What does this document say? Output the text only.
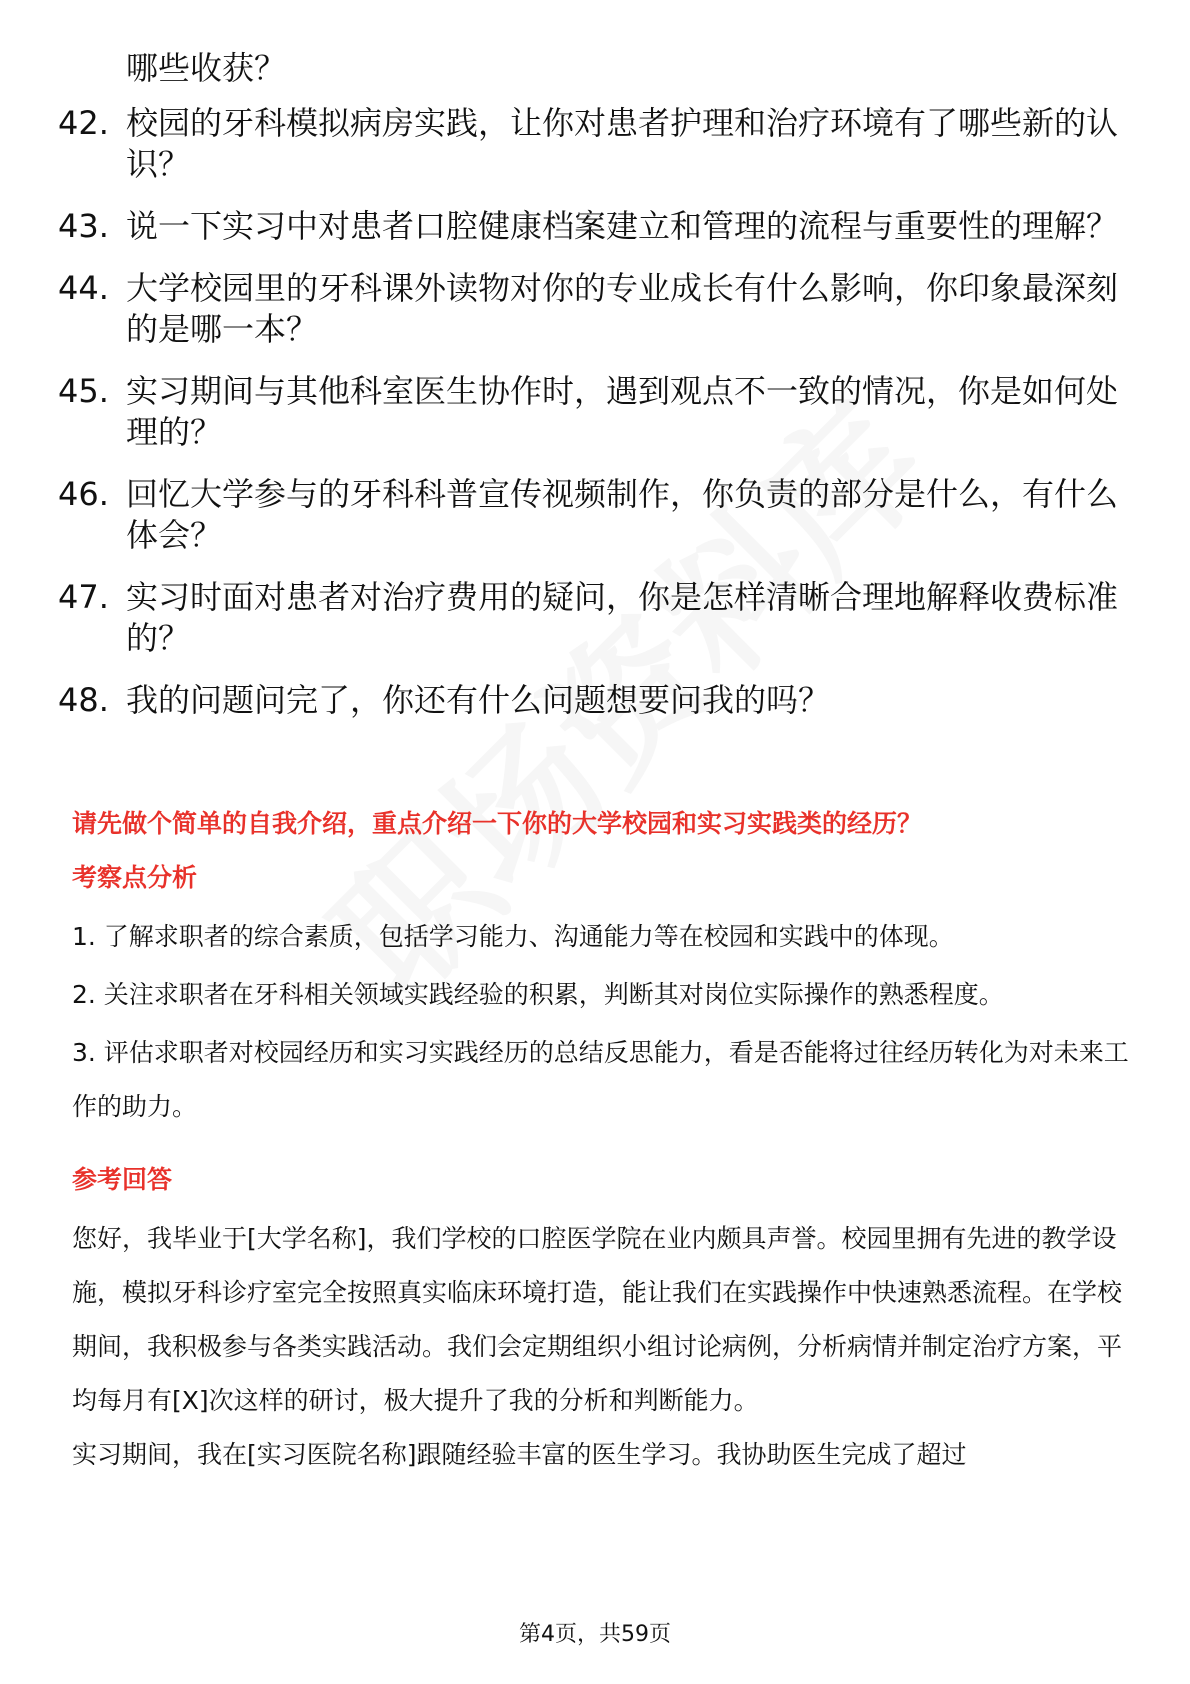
哪些收获？
42. 校园的牙科模拟病房实践，让你对患者护理和治疗环境有了哪些新的认识？
43. 说一下实习中对患者口腔健康档案建立和管理的流程与重要性的理解？
44. 大学校园里的牙科课外读物对你的专业成长有什么影响，你印象最深刻的是哪一本？
45. 实习期间与其他科室医生协作时，遇到观点不一致的情况，你是如何处理的？
46. 回忆大学参与的牙科科普宣传视频制作，你负责的部分是什么，有什么体会？
47. 实习时面对患者对治疗费用的疑问，你是怎样清晰合理地解释收费标准的？
48. 我的问题问完了，你还有什么问题想要问我的吗？

请先做个简单的自我介绍，重点介绍一下你的大学校园和实习实践类的经历？

考察点分析

1. 了解求职者的综合素质，包括学习能力、沟通能力等在校园和实践中的体现。

2. 关注求职者在牙科相关领域实践经验的积累，判断其对岗位实际操作的熟悉程度。

3. 评估求职者对校园经历和实习实践经历的总结反思能力，看是否能将过往经历转化为对未来工作的助力。

参考回答

您好，我毕业于[大学名称]，我们学校的口腔医学院在业内颇具声誉。校园里拥有先进的教学设施，模拟牙科诊疗室完全按照真实临床环境打造，能让我们在实践操作中快速熟悉流程。在学校期间，我积极参与各类实践活动。我们会定期组织小组讨论病例，分析病情并制定治疗方案，平均每月有[X]次这样的研讨，极大提升了我的分析和判断能力。

实习期间，我在[实习医院名称]跟随经验丰富的医生学习。我协助医生完成了超过

第4页，共59页
